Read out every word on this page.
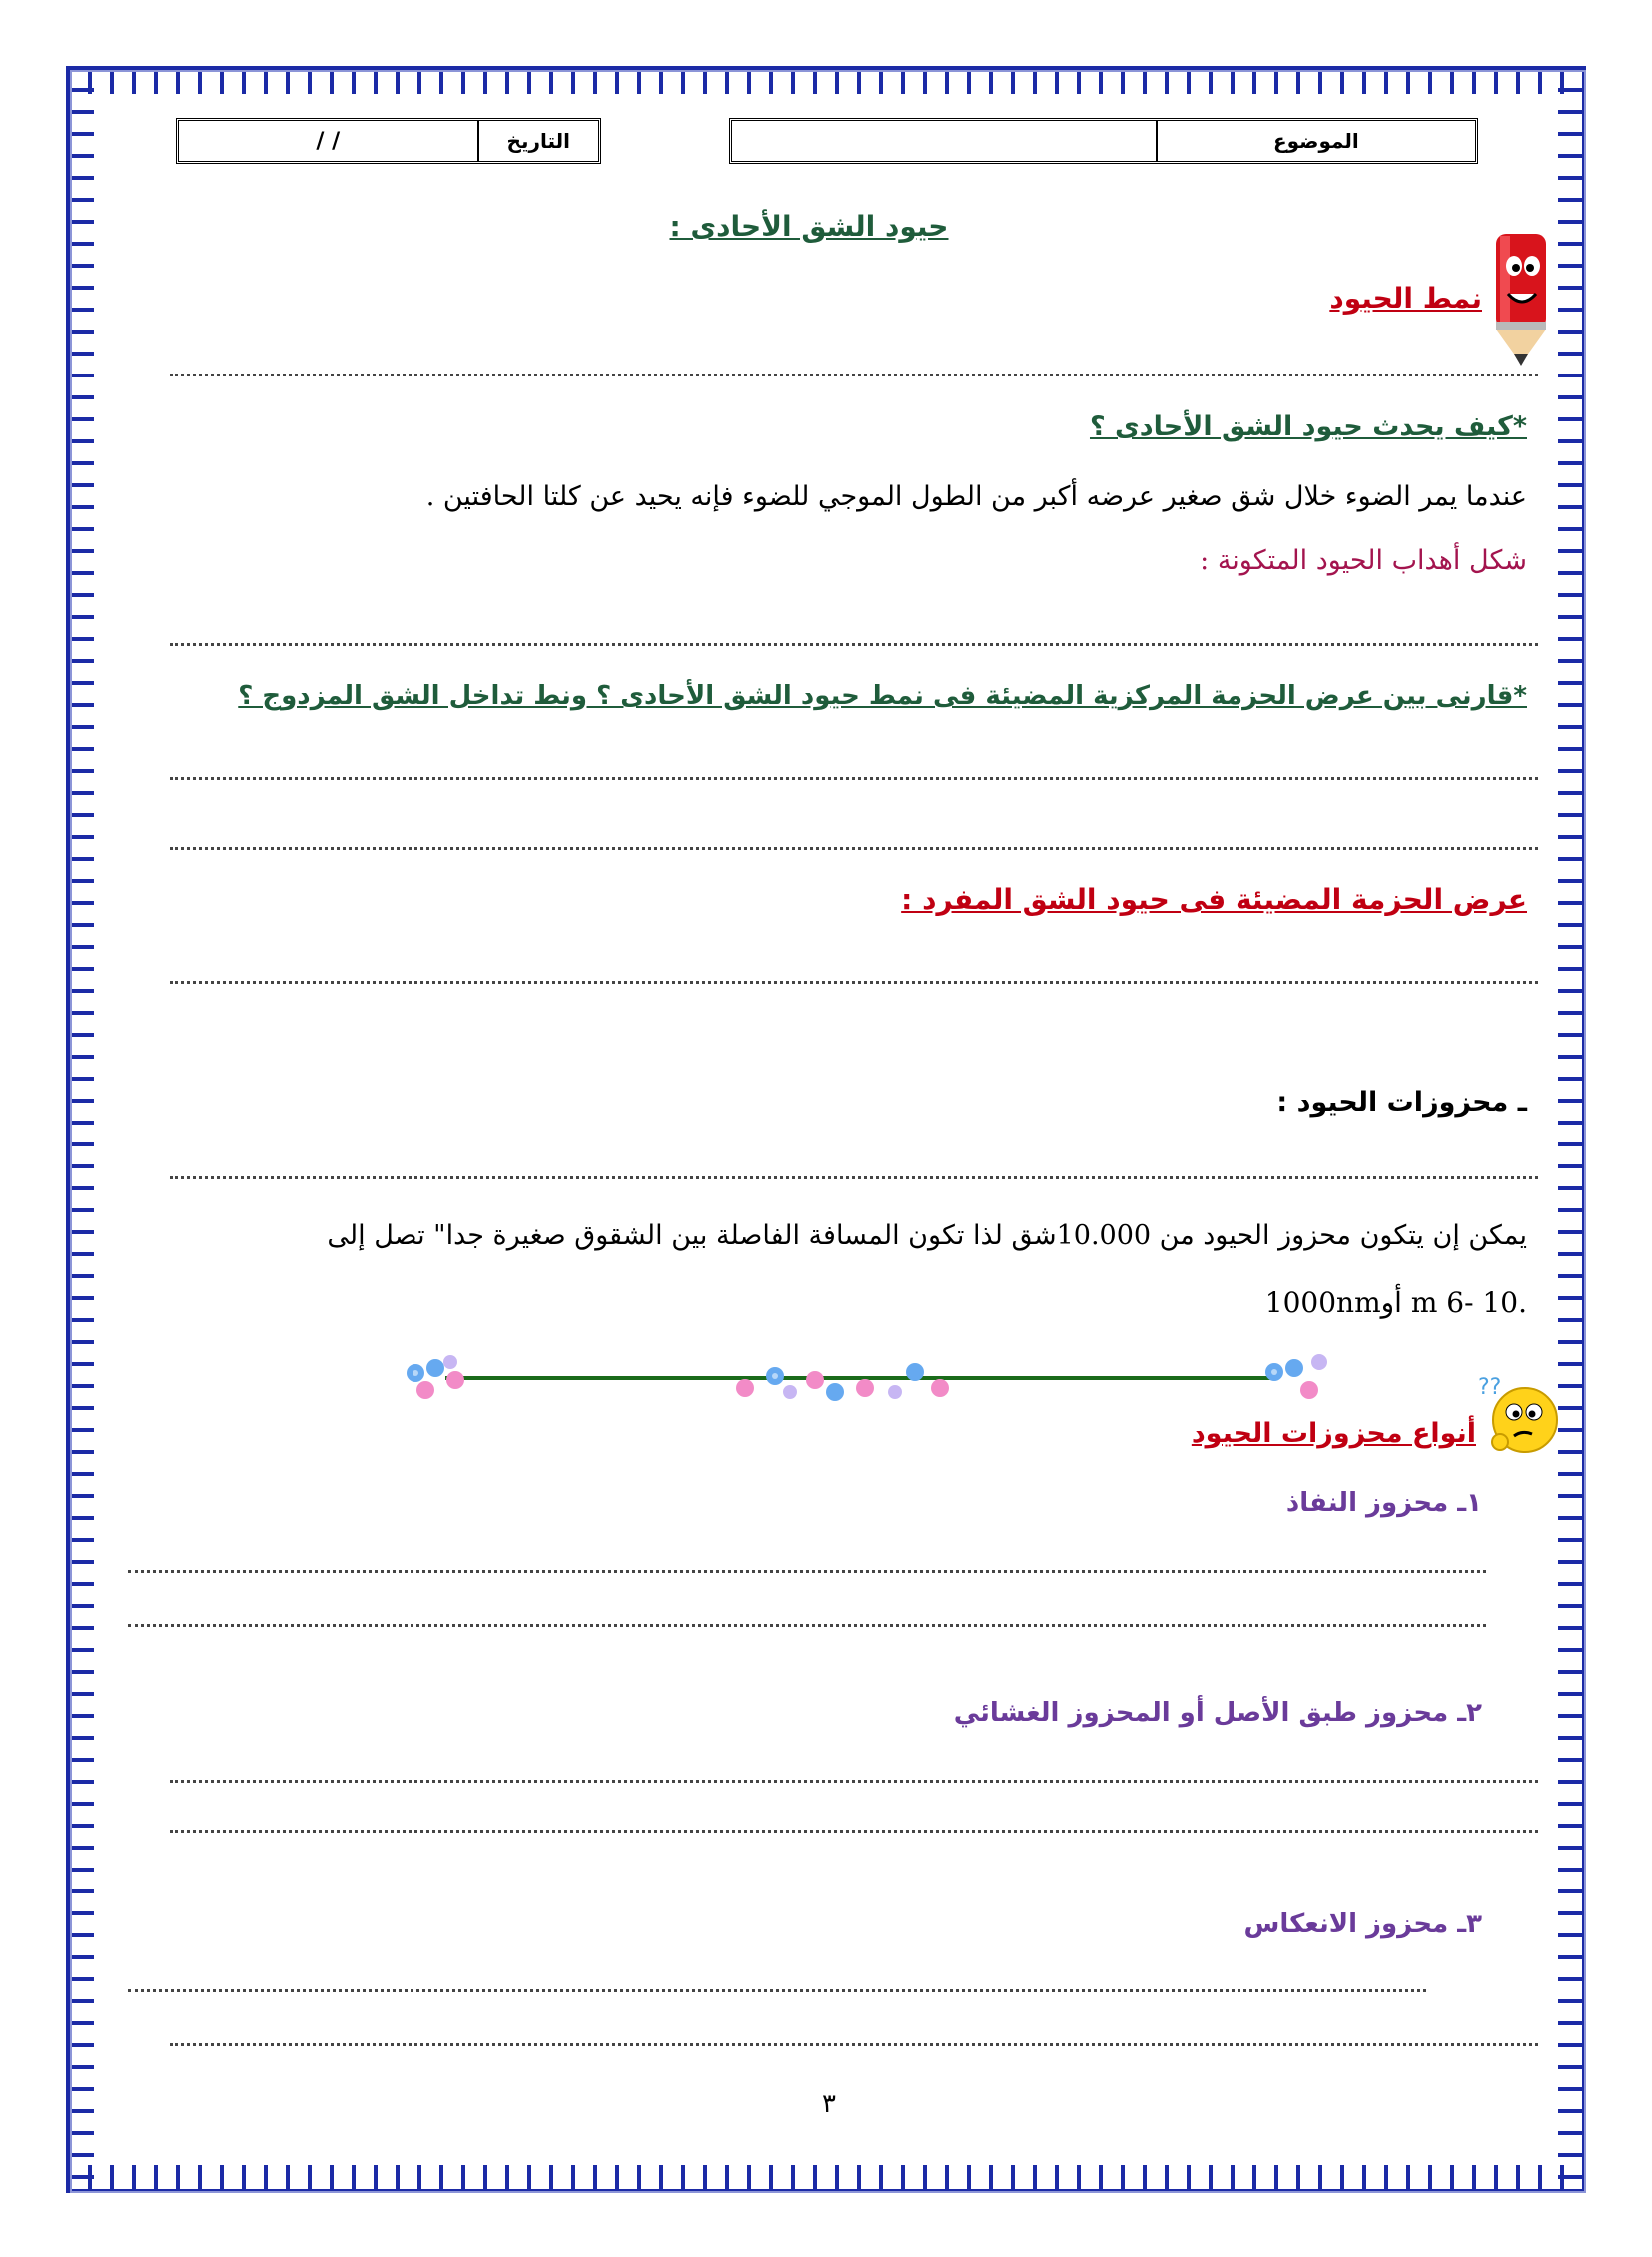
التاريخ
/ /	الموضوع
حيود الشق الأحادى :
نمط الحيود
*كيف يحدث حيود الشق الأحادى ؟
عندما يمر الضوء خلال شق صغير عرضه أكبر من الطول الموجي للضوء فإنه يحيد عن كلتا الحافتين .
شكل أهداب الحيود المتكونة :
*قارنى بين عرض الحزمة المركزية المضيئة فى نمط حيود الشق الأحادى ؟ ونط تداخل الشق المزدوج ؟
عرض الحزمة المضيئة فى حيود الشق المفرد :
ـ محزوزات الحيود :
يمكن إن يتكون محزوز الحيود من 10.000شق لذا تكون المسافة الفاصلة بين الشقوق صغيرة جدا" تصل إلى
1000nmأو m 6- 10.
??
أنواع محزوزات الحيود
١ـ محزوز النفاذ
٢ـ محزوز طبق الأصل أو المحزوز الغشائي
٣ـ محزوز الانعكاس
٣
